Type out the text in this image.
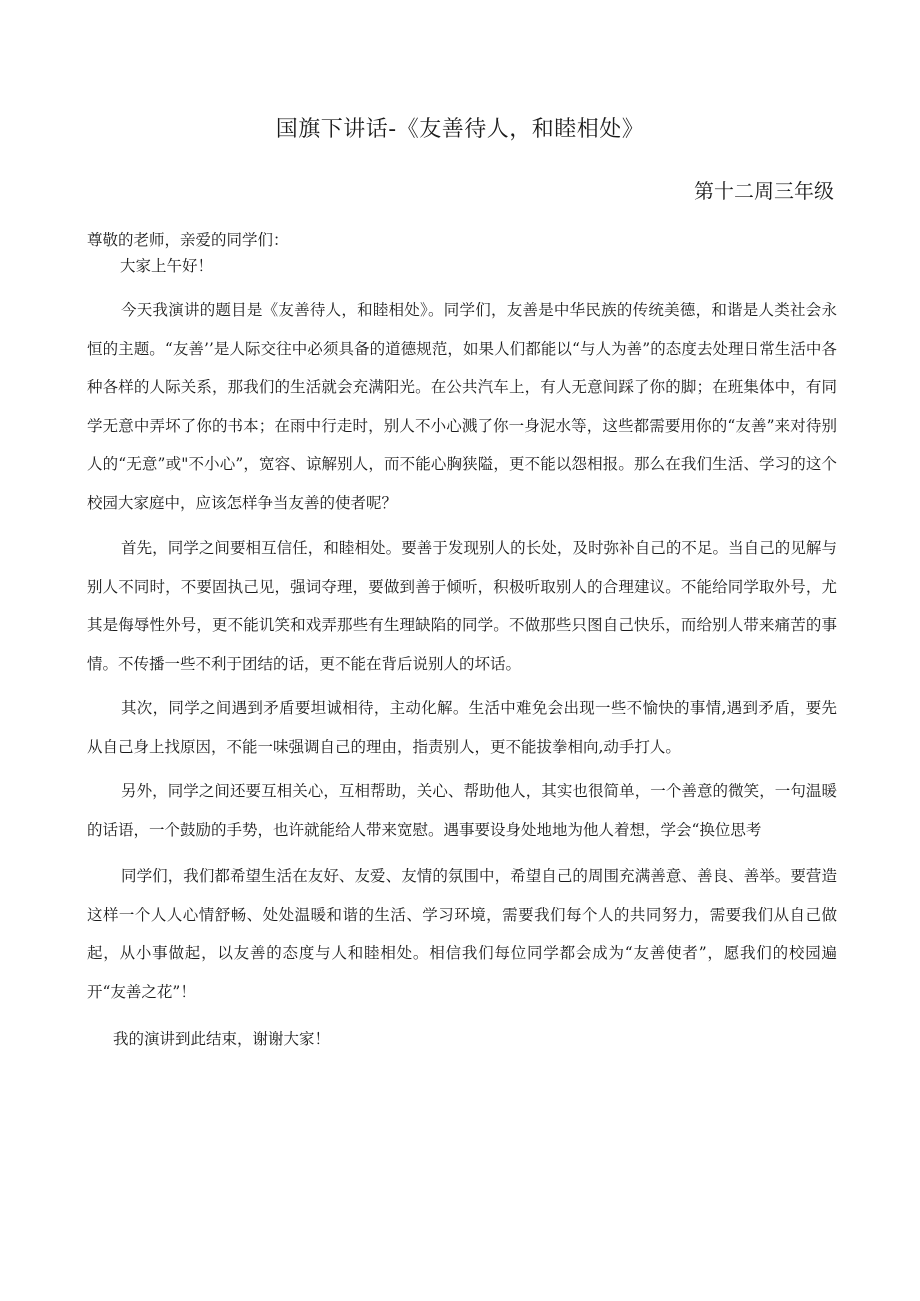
国旗下讲话-《友善待人，和睦相处》
第十二周三年级

尊敬的老师，亲爱的同学们：

大家上午好！

今天我演讲的题目是《友善待人，和睦相处》。同学们，友善是中华民族的传统美德，和谐是人类社会永恒的主题。“友善’’是人际交往中必须具备的道德规范，如果人们都能以“与人为善”的态度去处理日常生活中各种各样的人际关系，那我们的生活就会充满阳光。在公共汽车上，有人无意间踩了你的脚；在班集体中，有同学无意中弄坏了你的书本；在雨中行走时，别人不小心溅了你一身泥水等，这些都需要用你的“友善”来对待别人的“无意”或"不小心”，宽容、谅解别人，而不能心胸狭隘，更不能以怨相报。那么在我们生活、学习的这个校园大家庭中，应该怎样争当友善的使者呢？

首先，同学之间要相互信任，和睦相处。要善于发现别人的长处，及时弥补自己的不足。当自己的见解与别人不同时，不要固执己见，强词夺理，要做到善于倾听，积极听取别人的合理建议。不能给同学取外号，尤其是侮辱性外号，更不能讥笑和戏弄那些有生理缺陷的同学。不做那些只图自己快乐，而给别人带来痛苦的事情。不传播一些不利于团结的话，更不能在背后说别人的坏话。

其次，同学之间遇到矛盾要坦诚相待，主动化解。生活中难免会出现一些不愉快的事情,遇到矛盾，要先从自己身上找原因，不能一味强调自己的理由，指责别人，更不能拔拳相向,动手打人。

另外，同学之间还要互相关心，互相帮助，关心、帮助他人，其实也很简单，一个善意的微笑，一句温暖的话语，一个鼓励的手势，也许就能给人带来宽慰。遇事要设身处地地为他人着想，学会“换位思考

同学们，我们都希望生活在友好、友爱、友情的氛围中，希望自己的周围充满善意、善良、善举。要营造这样一个人人心情舒畅、处处温暖和谐的生活、学习环境，需要我们每个人的共同努力，需要我们从自己做起，从小事做起，以友善的态度与人和睦相处。相信我们每位同学都会成为“友善使者”，愿我们的校园遍开“友善之花”！

我的演讲到此结束，谢谢大家！
